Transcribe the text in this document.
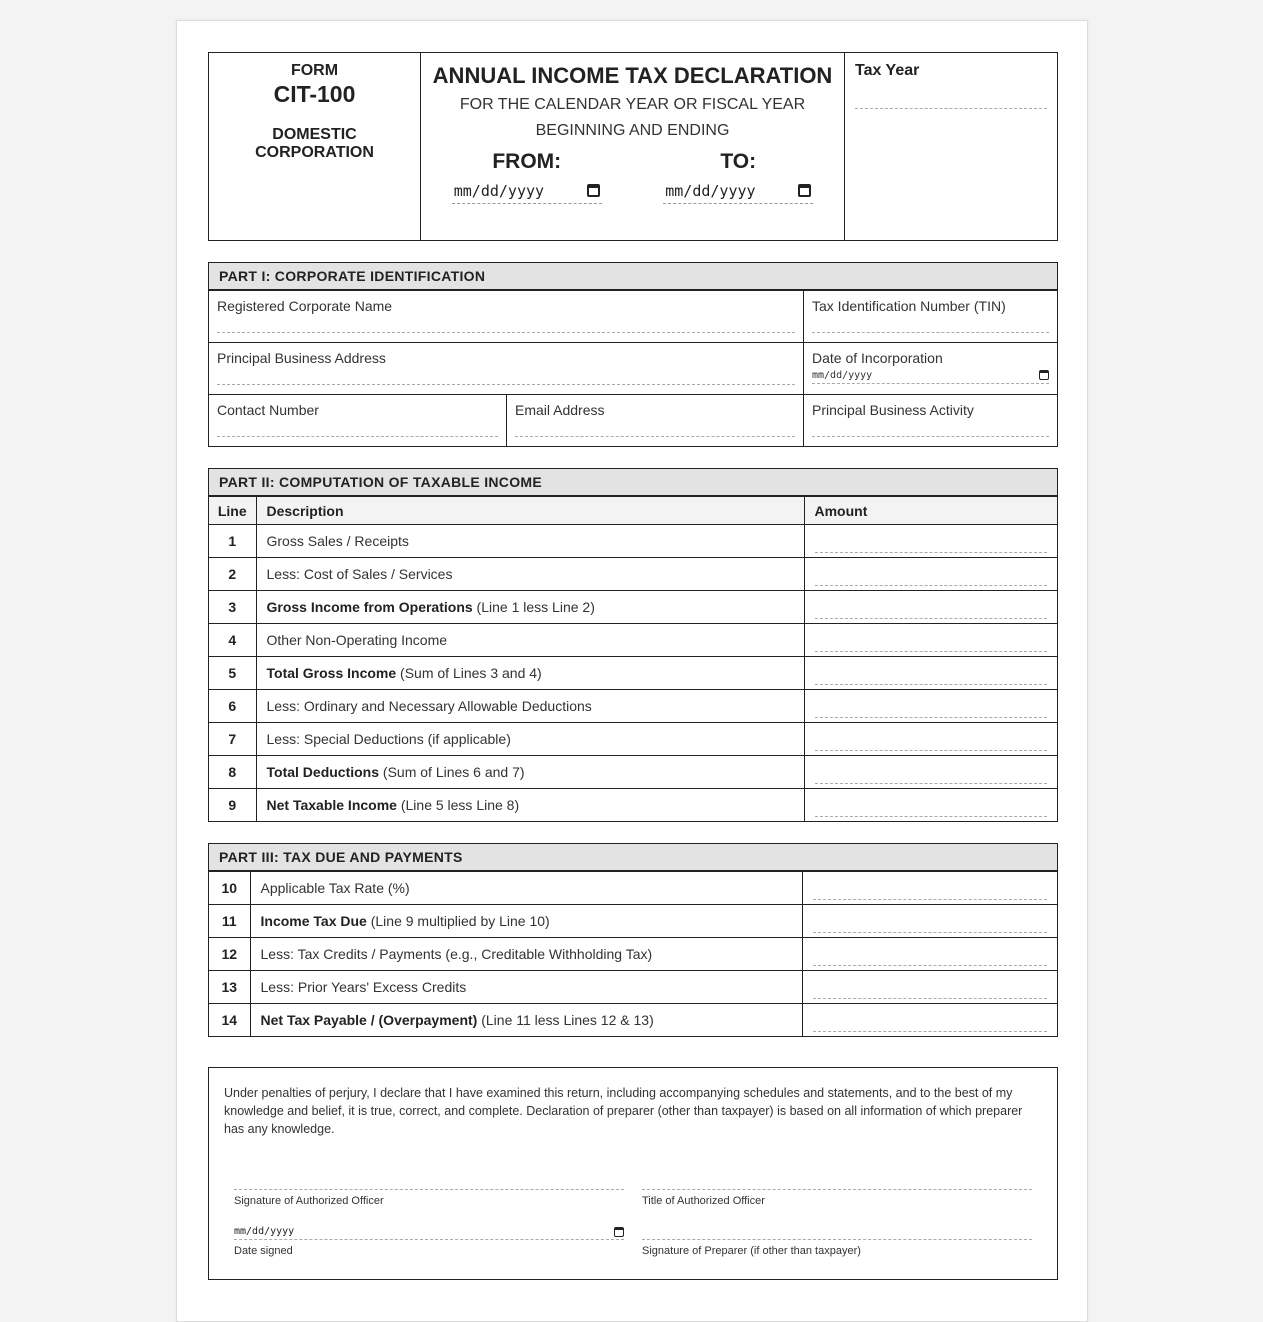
FORM
CIT-100
DOMESTIC
CORPORATION
ANNUAL INCOME TAX DECLARATION
FOR THE CALENDAR YEAR OR FISCAL YEAR BEGINNING AND ENDING
FROM:
mm/dd/yyyy
TO:
mm/dd/yyyy
Tax Year
PART I: CORPORATE IDENTIFICATION
Registered Corporate Name	Tax Identification Number (TIN)
Principal Business Address	Date of Incorporation
mm/dd/yyyy
Contact Number	Email Address	Principal Business Activity
PART II: COMPUTATION OF TAXABLE INCOME
Line	Description	Amount
1	Gross Sales / Receipts	

2	Less: Cost of Sales / Services	

3	Gross Income from Operations (Line 1 less Line 2)	

4	Other Non-Operating Income	

5	Total Gross Income (Sum of Lines 3 and 4)	

6	Less: Ordinary and Necessary Allowable Deductions	

7	Less: Special Deductions (if applicable)	

8	Total Deductions (Sum of Lines 6 and 7)	

9	Net Taxable Income (Line 5 less Line 8)	
PART III: TAX DUE AND PAYMENTS
10	Applicable Tax Rate (%)	

11	Income Tax Due (Line 9 multiplied by Line 10)	

12	Less: Tax Credits / Payments (e.g., Creditable Withholding Tax)	

13	Less: Prior Years' Excess Credits	

14	Net Tax Payable / (Overpayment) (Line 11 less Lines 12 & 13)	

Under penalties of perjury, I declare that I have examined this return, including accompanying schedules and statements, and to the best of my knowledge and belief, it is true, correct, and complete. Declaration of preparer (other than taxpayer) is based on all information of which preparer has any knowledge.

Signature of Authorized Officer	Title of Authorized Officer
mm/dd/yyyy
Date signed	Signature of Preparer (if other than taxpayer)
